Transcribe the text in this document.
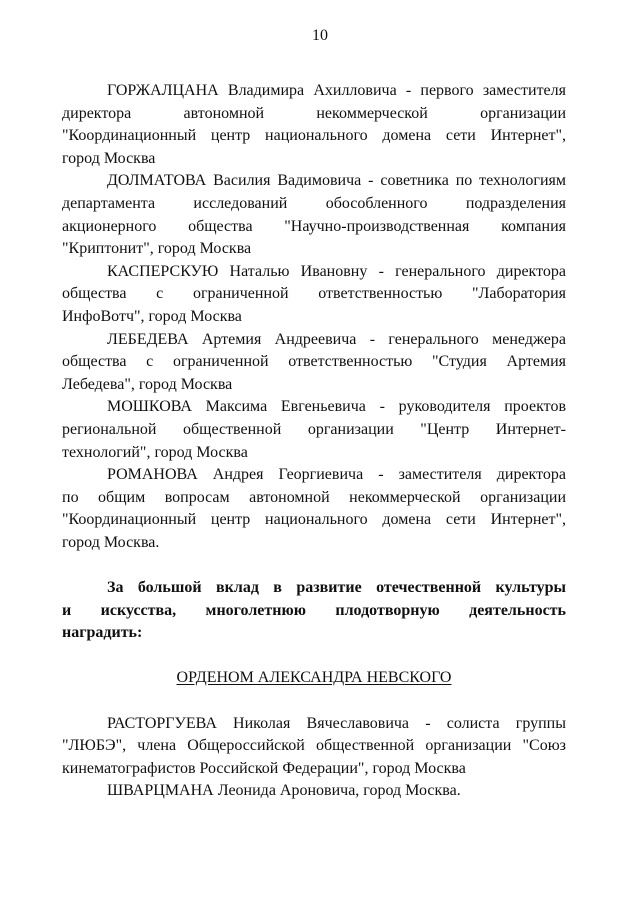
10
ГОРЖАЛЦАНА Владимира Ахилловича - первого заместителя
директора автономной некоммерческой организации
"Координационный центр национального домена сети Интернет",
город Москва
ДОЛМАТОВА Василия Вадимовича - советника по технологиям
департамента исследований обособленного подразделения
акционерного общества "Научно-производственная компания
"Криптонит", город Москва
КАСПЕРСКУЮ Наталью Ивановну - генерального директора
общества с ограниченной ответственностью "Лаборатория
ИнфоВотч", город Москва
ЛЕБЕДЕВА Артемия Андреевича - генерального менеджера
общества с ограниченной ответственностью "Студия Артемия
Лебедева", город Москва
МОШКОВА Максима Евгеньевича - руководителя проектов
региональной общественной организации "Центр Интернет-
технологий", город Москва
РОМАНОВА Андрея Георгиевича - заместителя директора
по общим вопросам автономной некоммерческой организации
"Координационный центр национального домена сети Интернет",
город Москва.
За большой вклад в развитие отечественной культуры
и искусства, многолетнюю плодотворную деятельность
наградить:
ОРДЕНОМ АЛЕКСАНДРА НЕВСКОГО
РАСТОРГУЕВА Николая Вячеславовича - солиста группы
"ЛЮБЭ", члена Общероссийской общественной организации "Союз
кинематографистов Российской Федерации", город Москва
ШВАРЦМАНА Леонида Ароновича, город Москва.
